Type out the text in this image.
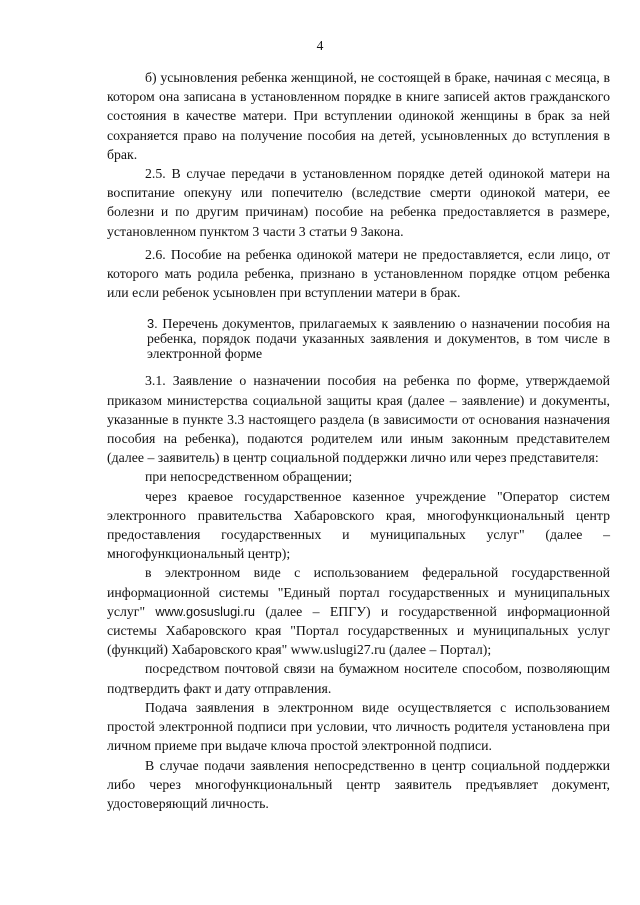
4

б) усыновления ребенка женщиной, не состоящей в браке, начиная с месяца, в котором она записана в установленном порядке в книге записей актов гражданского состояния в качестве матери. При вступлении одинокой женщины в брак за ней сохраняется право на получение пособия на детей, усыновленных до вступления в брак.

2.5. В случае передачи в установленном порядке детей одинокой матери на воспитание опекуну или попечителю (вследствие смерти одинокой матери, ее болезни и по другим причинам) пособие на ребенка предоставляется в размере, установленном пунктом 3 части 3 статьи 9 Закона.

2.6. Пособие на ребенка одинокой матери не предоставляется, если лицо, от которого мать родила ребенка, признано в установленном порядке отцом ребенка или если ребенок усыновлен при вступлении матери в брак.

3. Перечень документов, прилагаемых к заявлению о назначении пособия на ребенка, порядок подачи указанных заявления и документов, в том числе в электронной форме

3.1. Заявление о назначении пособия на ребенка по форме, утверждаемой приказом министерства социальной защиты края (далее – заявление) и документы, указанные в пункте 3.3 настоящего раздела (в зависимости от основания назначения пособия на ребенка), подаются родителем или иным законным представителем (далее – заявитель) в центр социальной поддержки лично или через представителя:

при непосредственном обращении;

через краевое государственное казенное учреждение "Оператор систем электронного правительства Хабаровского края, многофункциональный центр предоставления государственных и муниципальных услуг" (далее – многофункциональный центр);

в электронном виде с использованием федеральной государственной информационной системы "Единый портал государственных и муниципальных услуг" www.gosuslugi.ru (далее – ЕПГУ) и государственной информационной системы Хабаровского края "Портал государственных и муниципальных услуг (функций) Хабаровского края" www.uslugi27.ru (далее – Портал);

посредством почтовой связи на бумажном носителе способом, позволяющим подтвердить факт и дату отправления.

Подача заявления в электронном виде осуществляется с использованием простой электронной подписи при условии, что личность родителя установлена при личном приеме при выдаче ключа простой электронной подписи.

В случае подачи заявления непосредственно в центр социальной поддержки либо через многофункциональный центр заявитель предъявляет документ, удостоверяющий личность.
